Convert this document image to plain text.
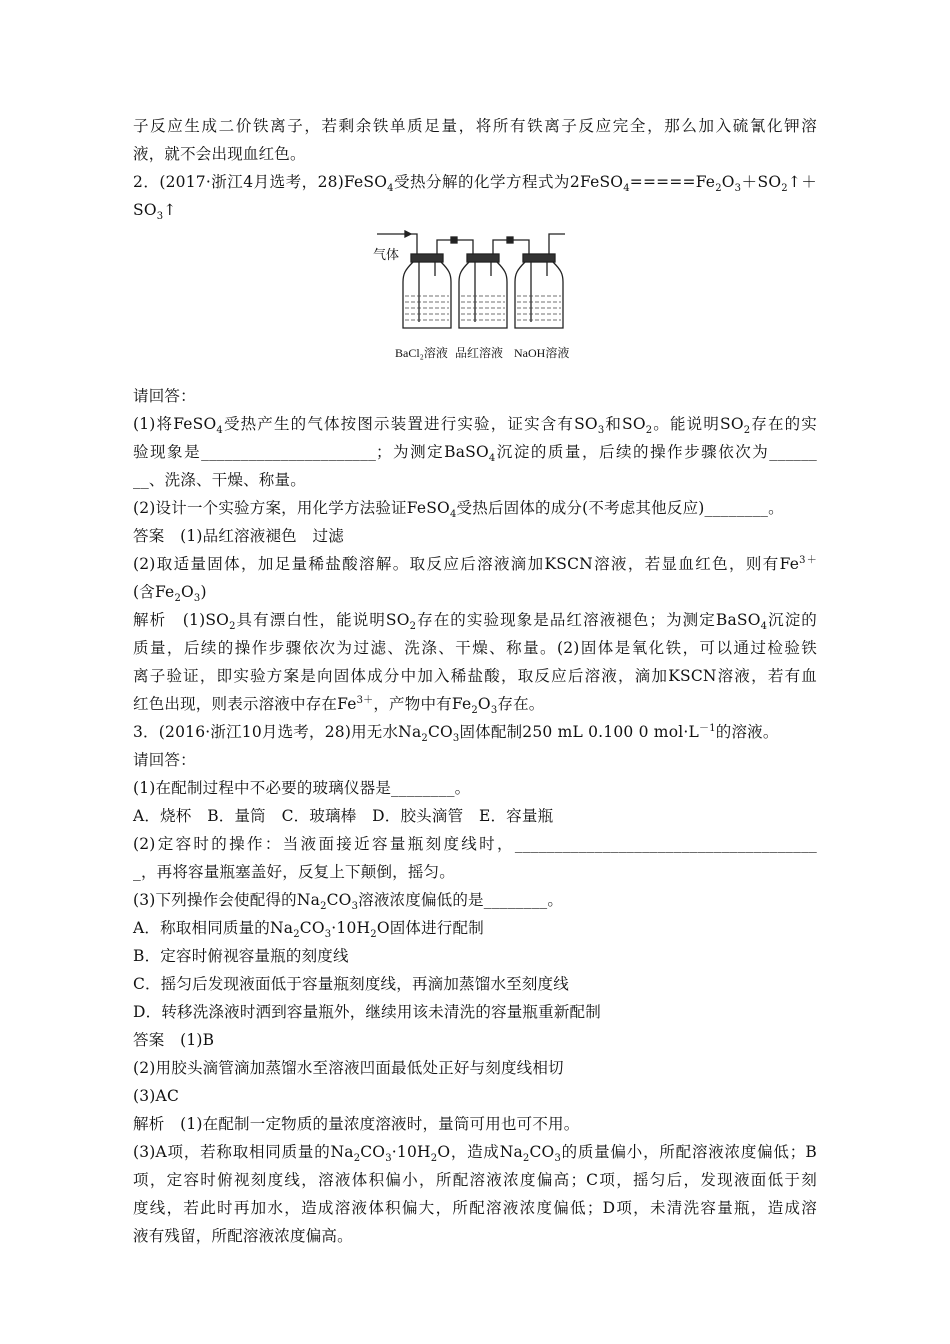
子反应生成二价铁离子，若剩余铁单质足量，将所有铁离子反应完全，那么加入硫氰化钾溶
液，就不会出现血红色。
2．(2017·浙江4月选考，28)FeSO$_4$受热分解的化学方程式为$2FeSO_4=====Fe_2O_3+SO_2↑+$
$SO_3↑$
气体
BaCl₂溶液 品红溶液 NaOH溶液
请回答：
(1)将FeSO$_4$受热产生的气体按图示装置进行实验，证实含有$SO_3$和$SO_2$。能说明$SO_2$存在的实
验现象是______________________；为测定BaSO$_4$沉淀的质量，后续的操作步骤依次为______
__、洗涤、干燥、称量。
(2)设计一个实验方案，用化学方法验证FeSO$_4$受热后固体的成分(不考虑其他反应)________。
答案　(1)品红溶液褪色　过滤
(2)取适量固体，加足量稀盐酸溶解。取反应后溶液滴加KSCN溶液，若显血红色，则有$Fe^{3+}$
(含$Fe_2O_3$)
解析　$(1)SO_2$具有漂白性，能说明$SO_2$存在的实验现象是品红溶液褪色；为测定BaSO$_4$沉淀的
质量，后续的操作步骤依次为过滤、洗涤、干燥、称量。(2)固体是氧化铁，可以通过检验铁
离子验证，即实验方案是向固体成分中加入稀盐酸，取反应后溶液，滴加KSCN溶液，若有血
红色出现，则表示溶液中存在$Fe^{3+}$，产物中有$Fe_2O_3$存在。
3．(2016·浙江10月选考，28)用无水$Na_2CO_3$固体配制250 mL 0.100 0 $mol\cdot L^{-1}$的溶液。
请回答：
(1)在配制过程中不必要的玻璃仪器是________。
A．烧杯　B．量筒　C．玻璃棒　D．胶头滴管　E．容量瓶
(2)定容时的操作：当液面接近容量瓶刻度线时，______________________________________
_，再将容量瓶塞盖好，反复上下颠倒，摇匀。
(3)下列操作会使配得的$Na_2CO_3$溶液浓度偏低的是________。
A．称取相同质量的$Na_2CO_3\cdot 10H_2O$固体进行配制
B．定容时俯视容量瓶的刻度线
C．摇匀后发现液面低于容量瓶刻度线，再滴加蒸馏水至刻度线
D．转移洗涤液时洒到容量瓶外，继续用该未清洗的容量瓶重新配制
答案　(1)B
(2)用胶头滴管滴加蒸馏水至溶液凹面最低处正好与刻度线相切
(3)AC
解析　(1)在配制一定物质的量浓度溶液时，量筒可用也可不用。
(3)A项，若称取相同质量的$Na_2CO_3\cdot 10H_2O$，造成$Na_2CO_3$的质量偏小，所配溶液浓度偏低；B
项，定容时俯视刻度线，溶液体积偏小，所配溶液浓度偏高；C项，摇匀后，发现液面低于刻
度线，若此时再加水，造成溶液体积偏大，所配溶液浓度偏低；D项，未清洗容量瓶，造成溶
液有残留，所配溶液浓度偏高。
